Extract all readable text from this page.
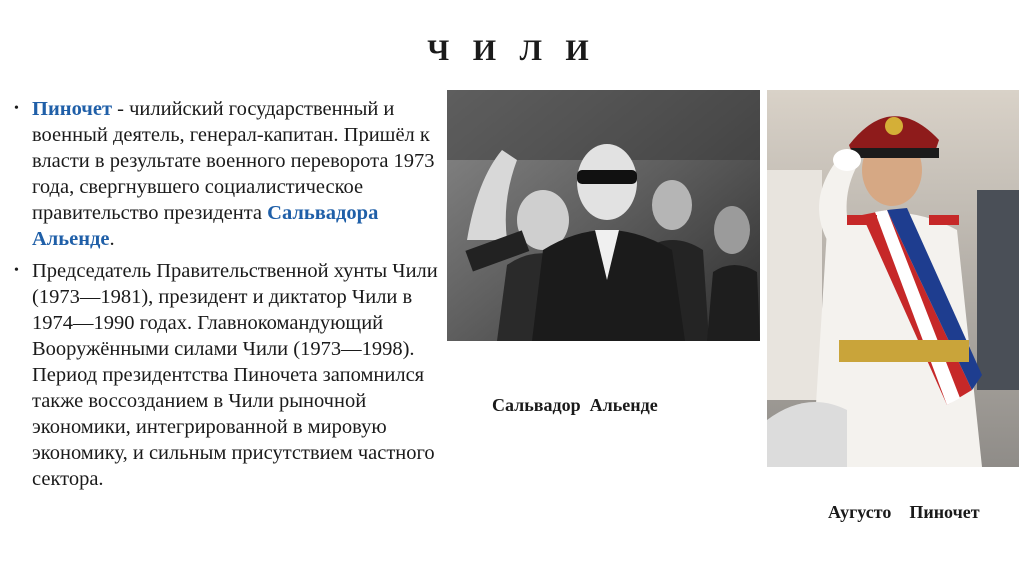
Ч И Л И
• Пиночет - чилийский государственный и военный деятель, генерал-капитан. Пришёл к власти в результате военного переворота 1973 года, свергнувшего социалистическое правительство президента Сальвадора Альенде.
• Председатель Правительственной хунты Чили (1973—1981), президент и диктатор Чили в 1974—1990 годах. Главнокомандующий Вооружёнными силами Чили (1973—1998). Период президентства Пиночета запомнился также воссозданием в Чили рыночной экономики, интегрированной в мировую экономику, и сильным присутствием частного сектора.
Сальвадор  Альенде
Аугусто    Пиночет
